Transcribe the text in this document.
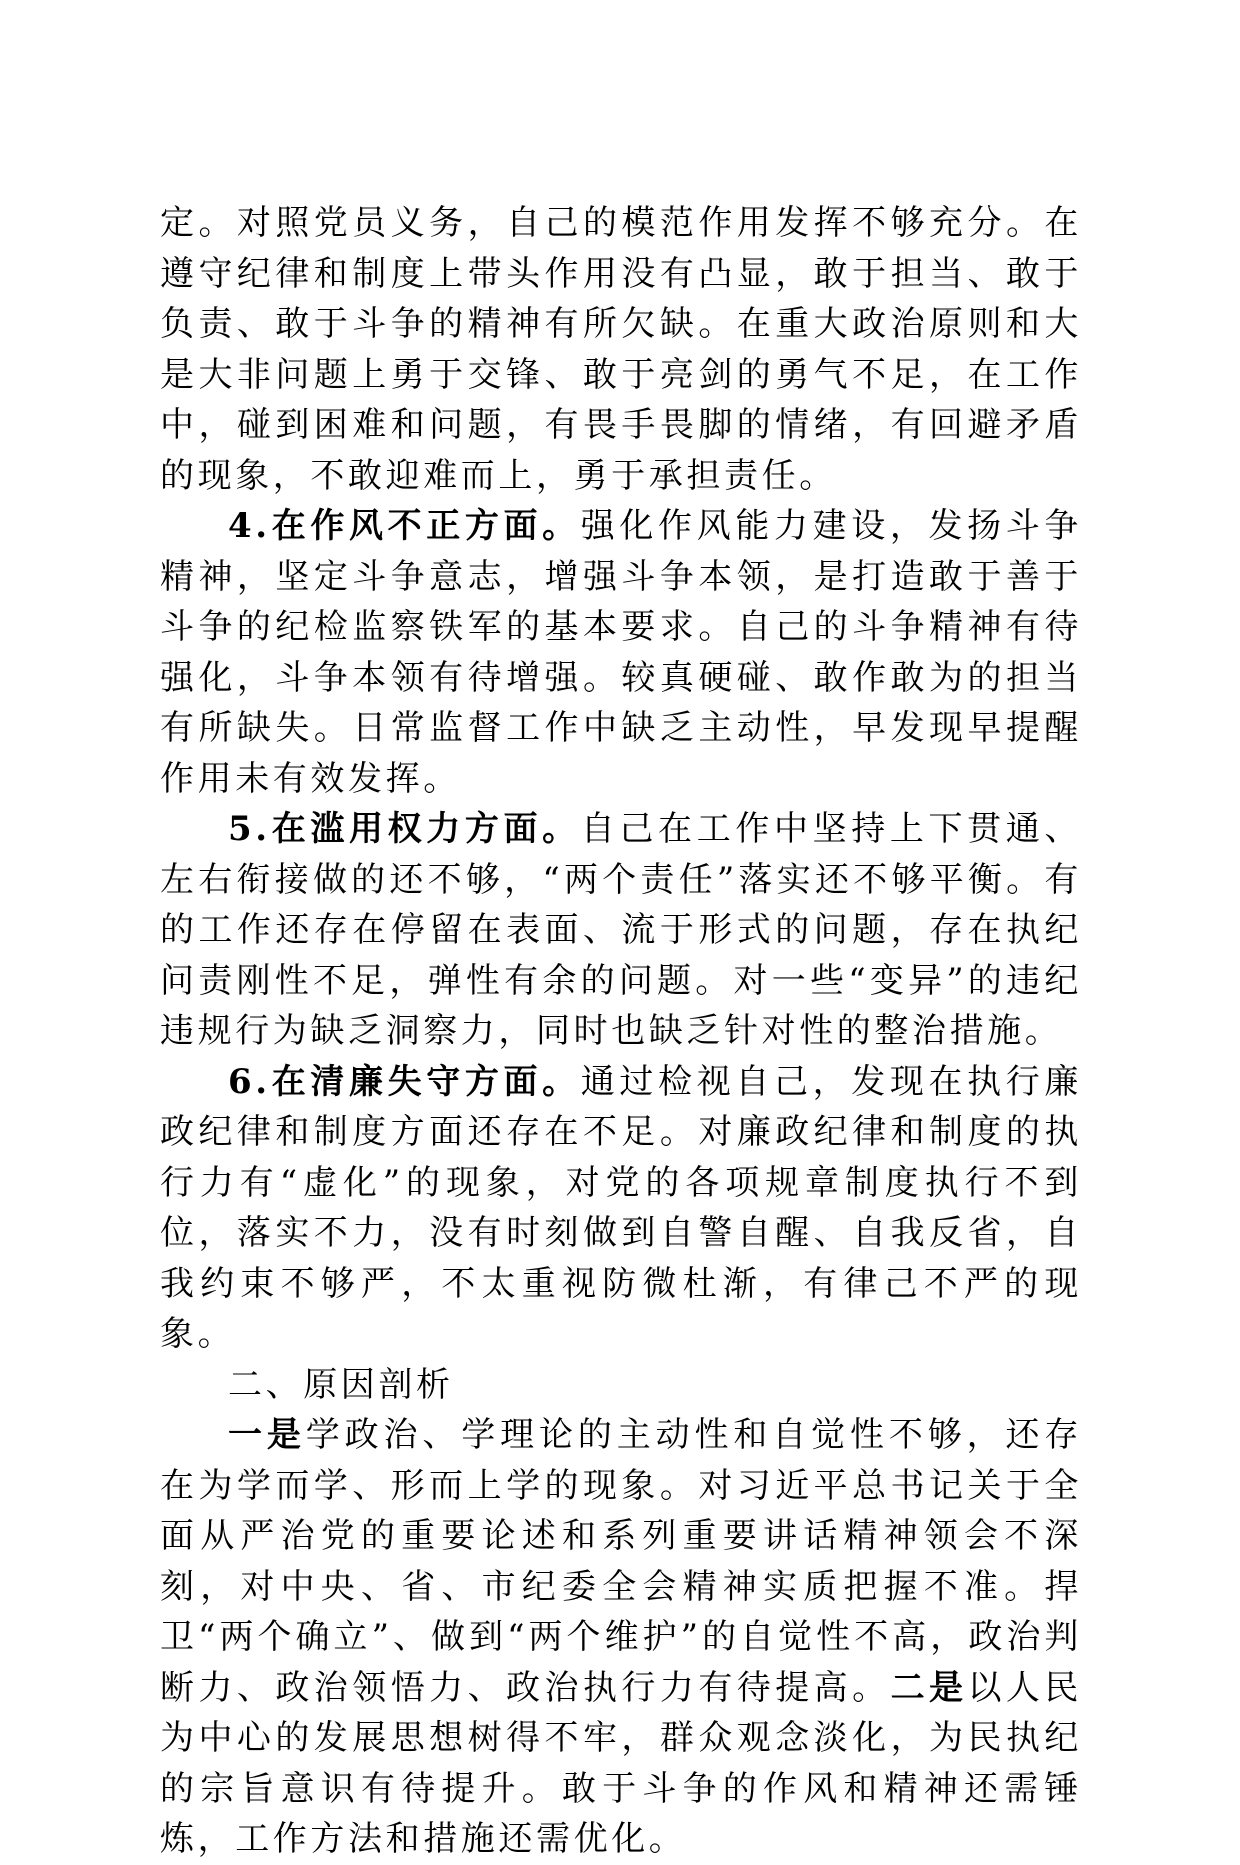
定。对照党员义务，自己的模范作用发挥不够充分。在遵守纪律和制度上带头作用没有凸显，敢于担当、敢于负责、敢于斗争的精神有所欠缺。在重大政治原则和大是大非问题上勇于交锋、敢于亮剑的勇气不足，在工作中，碰到困难和问题，有畏手畏脚的情绪，有回避矛盾的现象，不敢迎难而上，勇于承担责任。

4.在作风不正方面。强化作风能力建设，发扬斗争精神，坚定斗争意志，增强斗争本领，是打造敢于善于斗争的纪检监察铁军的基本要求。自己的斗争精神有待强化，斗争本领有待增强。较真硬碰、敢作敢为的担当有所缺失。日常监督工作中缺乏主动性，早发现早提醒作用未有效发挥。

5.在滥用权力方面。自己在工作中坚持上下贯通、左右衔接做的还不够，“两个责任”落实还不够平衡。有的工作还存在停留在表面、流于形式的问题，存在执纪问责刚性不足，弹性有余的问题。对一些“变异”的违纪违规行为缺乏洞察力，同时也缺乏针对性的整治措施。

6.在清廉失守方面。通过检视自己，发现在执行廉政纪律和制度方面还存在不足。对廉政纪律和制度的执行力有“虚化”的现象，对党的各项规章制度执行不到位，落实不力，没有时刻做到自警自醒、自我反省，自我约束不够严，不太重视防微杜渐，有律己不严的现象。

二、原因剖析

一是学政治、学理论的主动性和自觉性不够，还存在为学而学、形而上学的现象。对习近平总书记关于全面从严治党的重要论述和系列重要讲话精神领会不深刻，对中央、省、市纪委全会精神实质把握不准。捍卫“两个确立”、做到“两个维护”的自觉性不高，政治判断力、政治领悟力、政治执行力有待提高。二是以人民为中心的发展思想树得不牢，群众观念淡化，为民执纪的宗旨意识有待提升。敢于斗争的作风和精神还需锤炼，工作方法和措施还需优化。
